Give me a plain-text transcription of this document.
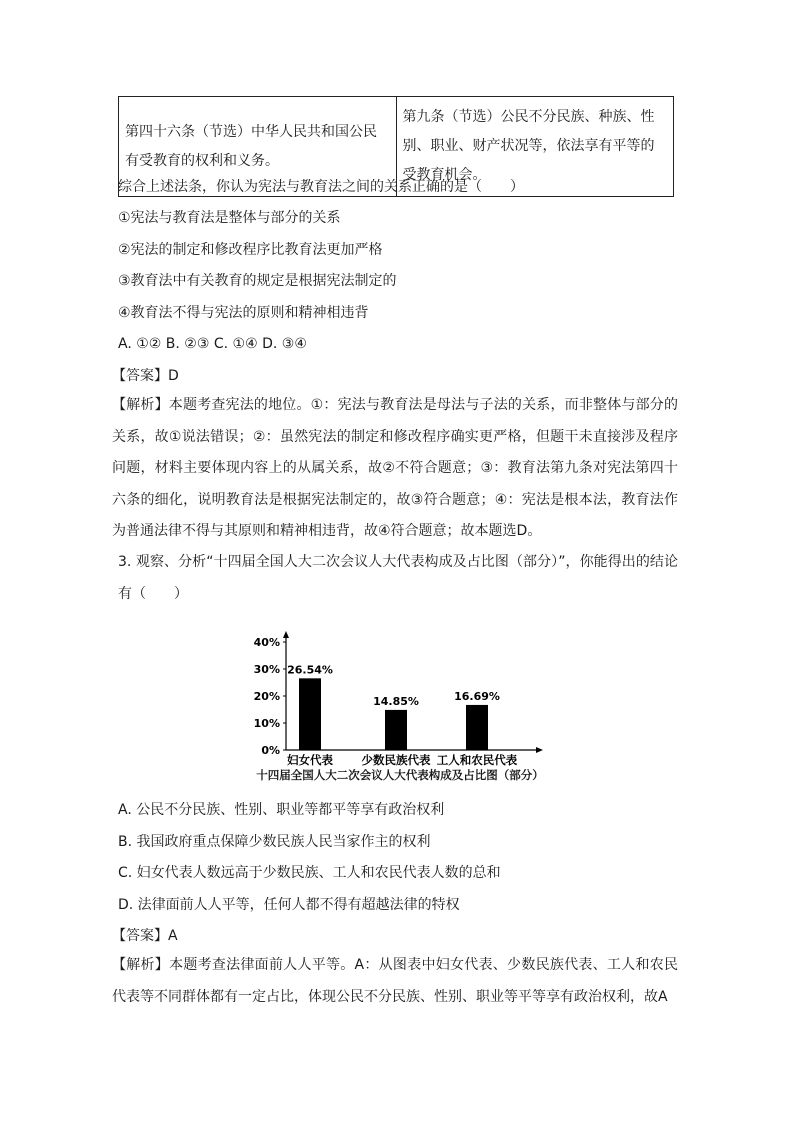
第四十六条（节选）中华人民共和国公民有受教育的权利和义务。	第九条（节选）公民不分民族、种族、性别、职业、财产状况等，依法享有平等的受教育机会。
综合上述法条，你认为宪法与教育法之间的关系正确的是（　　）
①宪法与教育法是整体与部分的关系
②宪法的制定和修改程序比教育法更加严格
③教育法中有关教育的规定是根据宪法制定的
④教育法不得与宪法的原则和精神相违背
A. ①② B. ②③ C. ①④ D. ③④
【答案】D
【解析】本题考查宪法的地位。①：宪法与教育法是母法与子法的关系，而非整体与部分的关系，故①说法错误；②：虽然宪法的制定和修改程序确实更严格，但题干未直接涉及程序问题，材料主要体现内容上的从属关系，故②不符合题意；③：教育法第九条对宪法第四十六条的细化，说明教育法是根据宪法制定的，故③符合题意；④：宪法是根本法，教育法作为普通法律不得与其原则和精神相违背，故④符合题意；故本题选D。
3. 观察、分析“十四届全国人大二次会议人大代表构成及占比图（部分）”，你能得出的结论有（　　）
0%
10%
20%
30%
40%
26.54%
妇女代表
14.85%
少数民族代表
16.69%
工人和农民代表
十四届全国人大二次会议人大代表构成及占比图（部分）
A. 公民不分民族、性别、职业等都平等享有政治权利
B. 我国政府重点保障少数民族人民当家作主的权利
C. 妇女代表人数远高于少数民族、工人和农民代表人数的总和
D. 法律面前人人平等，任何人都不得有超越法律的特权
【答案】A
【解析】本题考查法律面前人人平等。A：从图表中妇女代表、少数民族代表、工人和农民代表等不同群体都有一定占比，体现公民不分民族、性别、职业等平等享有政治权利，故A
